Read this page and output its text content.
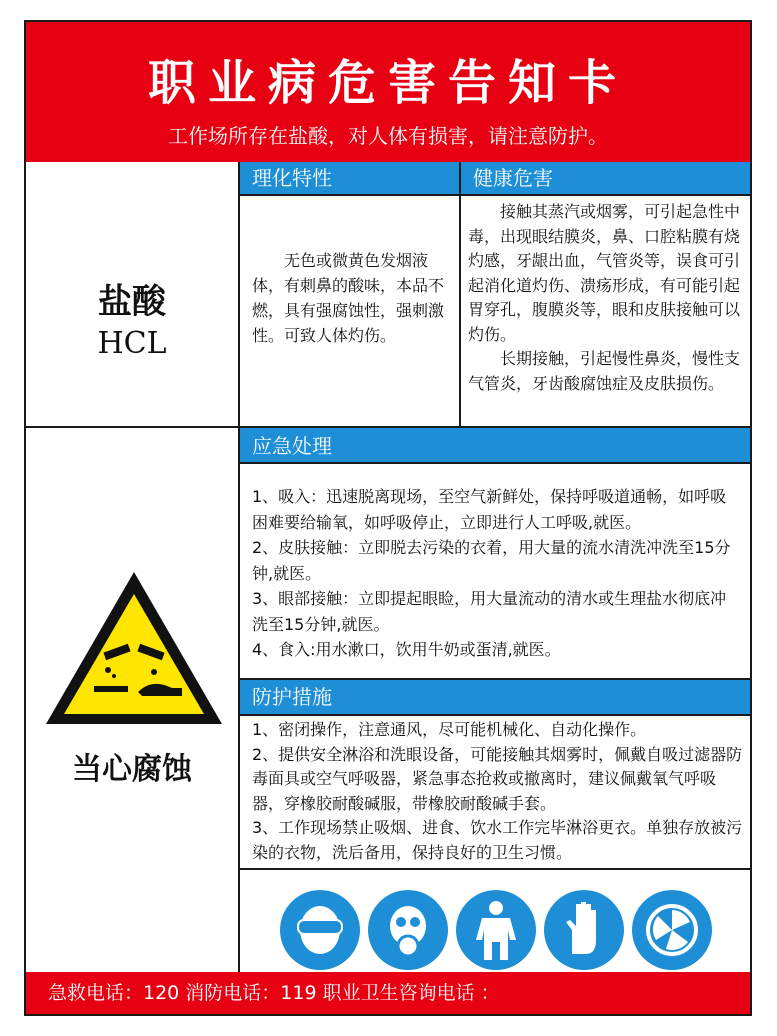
职业病危害告知卡
工作场所存在盐酸，对人体有损害，请注意防护。
盐酸
HCL
理化特性

无色或微黄色发烟液体，有刺鼻的酸味，本品不燃，具有强腐蚀性，强刺激性。可致人体灼伤。

健康危害

接触其蒸汽或烟雾，可引起急性中毒，出现眼结膜炎，鼻、口腔粘膜有烧灼感，牙龈出血，气管炎等，误食可引起消化道灼伤、溃疡形成，有可能引起胃穿孔，腹膜炎等，眼和皮肤接触可以灼伤。

长期接触，引起慢性鼻炎，慢性支气管炎，牙齿酸腐蚀症及皮肤损伤。

当心腐蚀
应急处理

1、吸入：迅速脱离现场，至空气新鲜处，保持呼吸道通畅，如呼吸困难要给输氧，如呼吸停止，立即进行人工呼吸,就医。

2、皮肤接触：立即脱去污染的衣着，用大量的流水清洗冲洗至15分钟,就医。

3、眼部接触：立即提起眼睑，用大量流动的清水或生理盐水彻底冲洗至15分钟,就医。

4、食入:用水漱口，饮用牛奶或蛋清,就医。

防护措施

1、密闭操作，注意通风，尽可能机械化、自动化操作。

2、提供安全淋浴和洗眼设备，可能接触其烟雾时，佩戴自吸过滤器防毒面具或空气呼吸器，紧急事态抢救或撤离时，建议佩戴氧气呼吸器，穿橡胶耐酸碱服，带橡胶耐酸碱手套。

3、工作现场禁止吸烟、进食、饮水工作完毕淋浴更衣。单独存放被污染的衣物，洗后备用，保持良好的卫生习惯。

急救电话：120 消防电话：119 职业卫生咨询电话 ：
